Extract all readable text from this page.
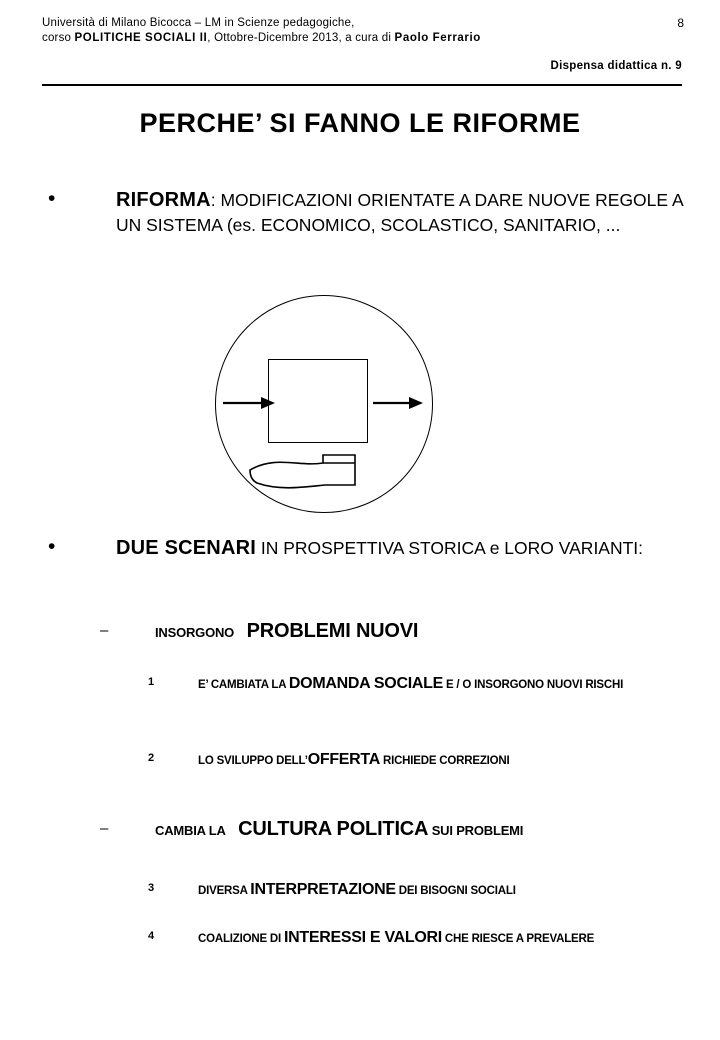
Università di Milano Bicocca – LM in Scienze pedagogiche,
corso POLITICHE SOCIALI II, Ottobre-Dicembre 2013, a cura di Paolo Ferrario
8
Dispensa didattica n. 9
PERCHE’ SI FANNO LE RIFORME
•	RIFORMA: MODIFICAZIONI ORIENTATE A DARE NUOVE REGOLE A UN SISTEMA (es. ECONOMICO, SCOLASTICO, SANITARIO, ...
•	DUE SCENARI IN PROSPETTIVA STORICA e LORO VARIANTI:
–	INSORGONO PROBLEMI NUOVI
1	E’ CAMBIATA LA DOMANDA SOCIALE E / O INSORGONO NUOVI RISCHI
2	LO SVILUPPO DELL’OFFERTA RICHIEDE CORREZIONI
–	CAMBIA LA CULTURA POLITICA SUI PROBLEMI
3	DIVERSA INTERPRETAZIONE DEI BISOGNI SOCIALI
4	COALIZIONE DI INTERESSI E VALORI CHE RIESCE A PREVALERE
